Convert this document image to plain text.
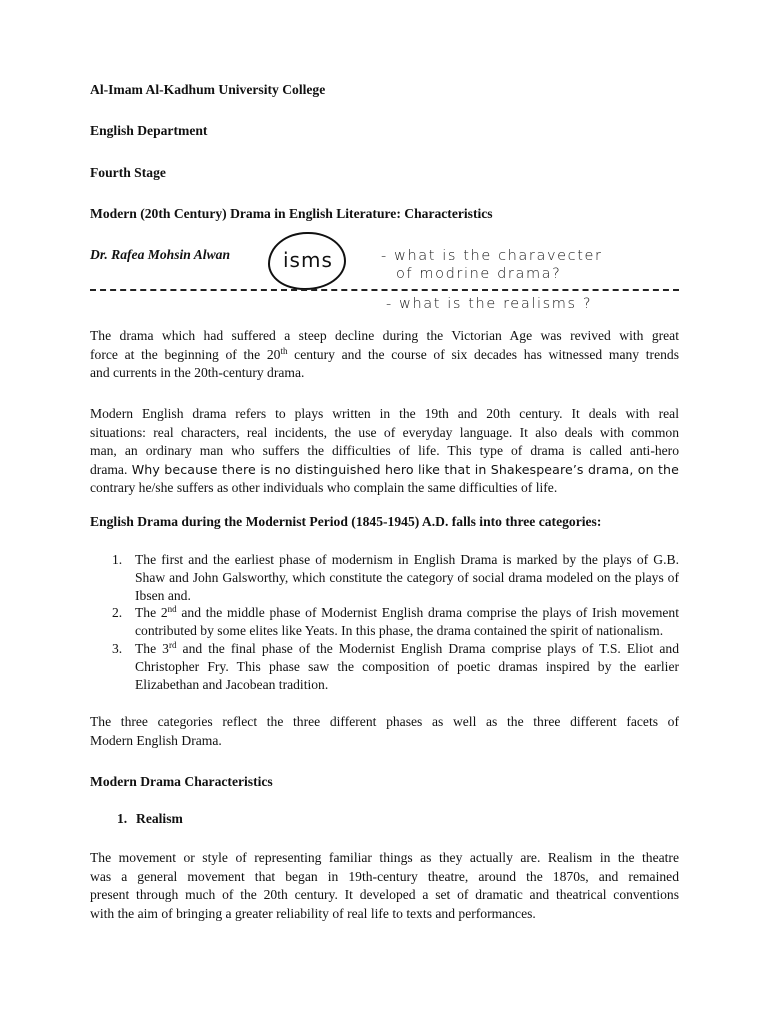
Al-Imam Al-Kadhum University College
English Department
Fourth Stage
Modern (20th Century) Drama in English Literature: Characteristics
Dr. Rafea Mohsin Alwan	isms	- what is the charavecter
of modrine drama?
- what is the realisms ?
The drama which had suffered a steep decline during the Victorian Age was revived with great
force at the beginning of the 20th century and the course of six decades has witnessed many trends
and currents in the 20th-century drama.
Modern English drama refers to plays written in the 19th and 20th century. It deals with real
situations: real characters, real incidents, the use of everyday language. It also deals with common
man, an ordinary man who suffers the difficulties of life. This type of drama is called anti-hero
drama. Why because there is no distinguished hero like that in Shakespeare’s drama, on the
contrary he/she suffers as other individuals who complain the same difficulties of life.
English Drama during the Modernist Period (1845-1945) A.D. falls into three categories:
1. The first and the earliest phase of modernism in English Drama is marked by the plays of G.B. Shaw and John Galsworthy, which constitute the category of social drama modeled on the plays of Ibsen and.
2. The 2nd and the middle phase of Modernist English drama comprise the plays of Irish movement contributed by some elites like Yeats. In this phase, the drama contained the spirit of nationalism.
3. The 3rd and the final phase of the Modernist English Drama comprise plays of T.S. Eliot and Christopher Fry. This phase saw the composition of poetic dramas inspired by the earlier Elizabethan and Jacobean tradition.
The three categories reflect the three different phases as well as the three different facets of
Modern English Drama.
Modern Drama Characteristics
1. Realism
The movement or style of representing familiar things as they actually are. Realism in the theatre
was a general movement that began in 19th-century theatre, around the 1870s, and remained
present through much of the 20th century. It developed a set of dramatic and theatrical conventions
with the aim of bringing a greater reliability of real life to texts and performances.
